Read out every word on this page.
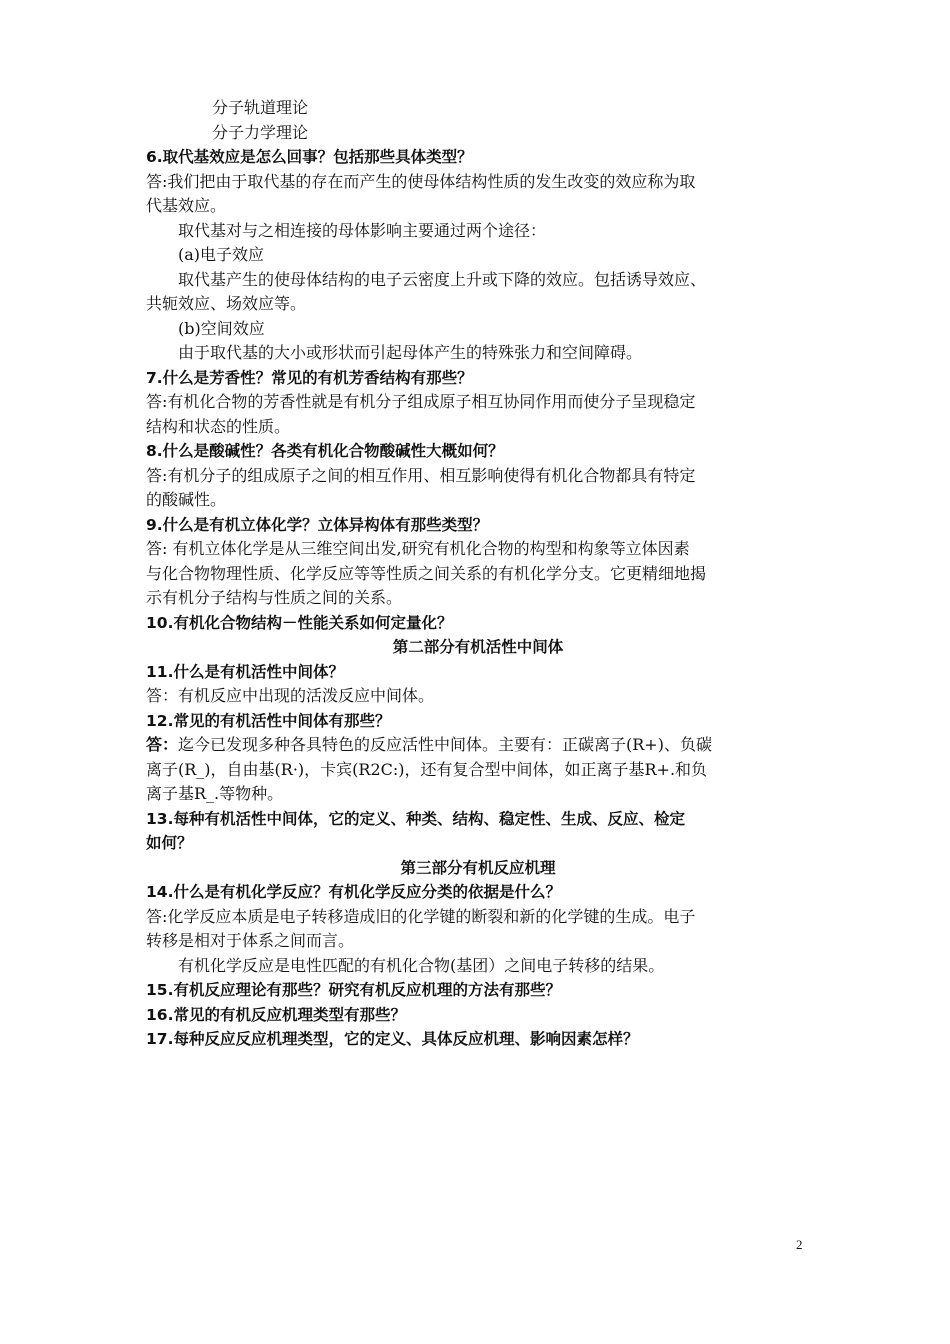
分子轨道理论
分子力学理论
6.取代基效应是怎么回事？包括那些具体类型？
答:我们把由于取代基的存在而产生的使母体结构性质的发生改变的效应称为取
代基效应。
取代基对与之相连接的母体影响主要通过两个途径：
(a)电子效应
取代基产生的使母体结构的电子云密度上升或下降的效应。包括诱导效应、
共轭效应、场效应等。
(b)空间效应
由于取代基的大小或形状而引起母体产生的特殊张力和空间障碍。
7.什么是芳香性？常见的有机芳香结构有那些？
答:有机化合物的芳香性就是有机分子组成原子相互协同作用而使分子呈现稳定
结构和状态的性质。
8.什么是酸碱性？各类有机化合物酸碱性大概如何？
答:有机分子的组成原子之间的相互作用、相互影响使得有机化合物都具有特定
的酸碱性。
9.什么是有机立体化学？立体异构体有那些类型？
答: 有机立体化学是从三维空间出发,研究有机化合物的构型和构象等立体因素
与化合物物理性质、化学反应等等性质之间关系的有机化学分支。它更精细地揭
示有机分子结构与性质之间的关系。
10.有机化合物结构－性能关系如何定量化？
第二部分有机活性中间体
11.什么是有机活性中间体？
答：有机反应中出现的活泼反应中间体。
12.常见的有机活性中间体有那些？
答：迄今已发现多种各具特色的反应活性中间体。主要有：正碳离子(R+)、负碳
离子(R_)，自由基(R·)，卡宾(R2C:)，还有复合型中间体，如正离子基R+.和负
离子基R_.等物种。
13.每种有机活性中间体，它的定义、种类、结构、稳定性、生成、反应、检定
如何？
第三部分有机反应机理
14.什么是有机化学反应？有机化学反应分类的依据是什么？
答:化学反应本质是电子转移造成旧的化学键的断裂和新的化学键的生成。电子
转移是相对于体系之间而言。
有机化学反应是电性匹配的有机化合物(基团）之间电子转移的结果。
15.有机反应理论有那些？研究有机反应机理的方法有那些？
16.常见的有机反应机理类型有那些？
17.每种反应反应机理类型，它的定义、具体反应机理、影响因素怎样？
2
